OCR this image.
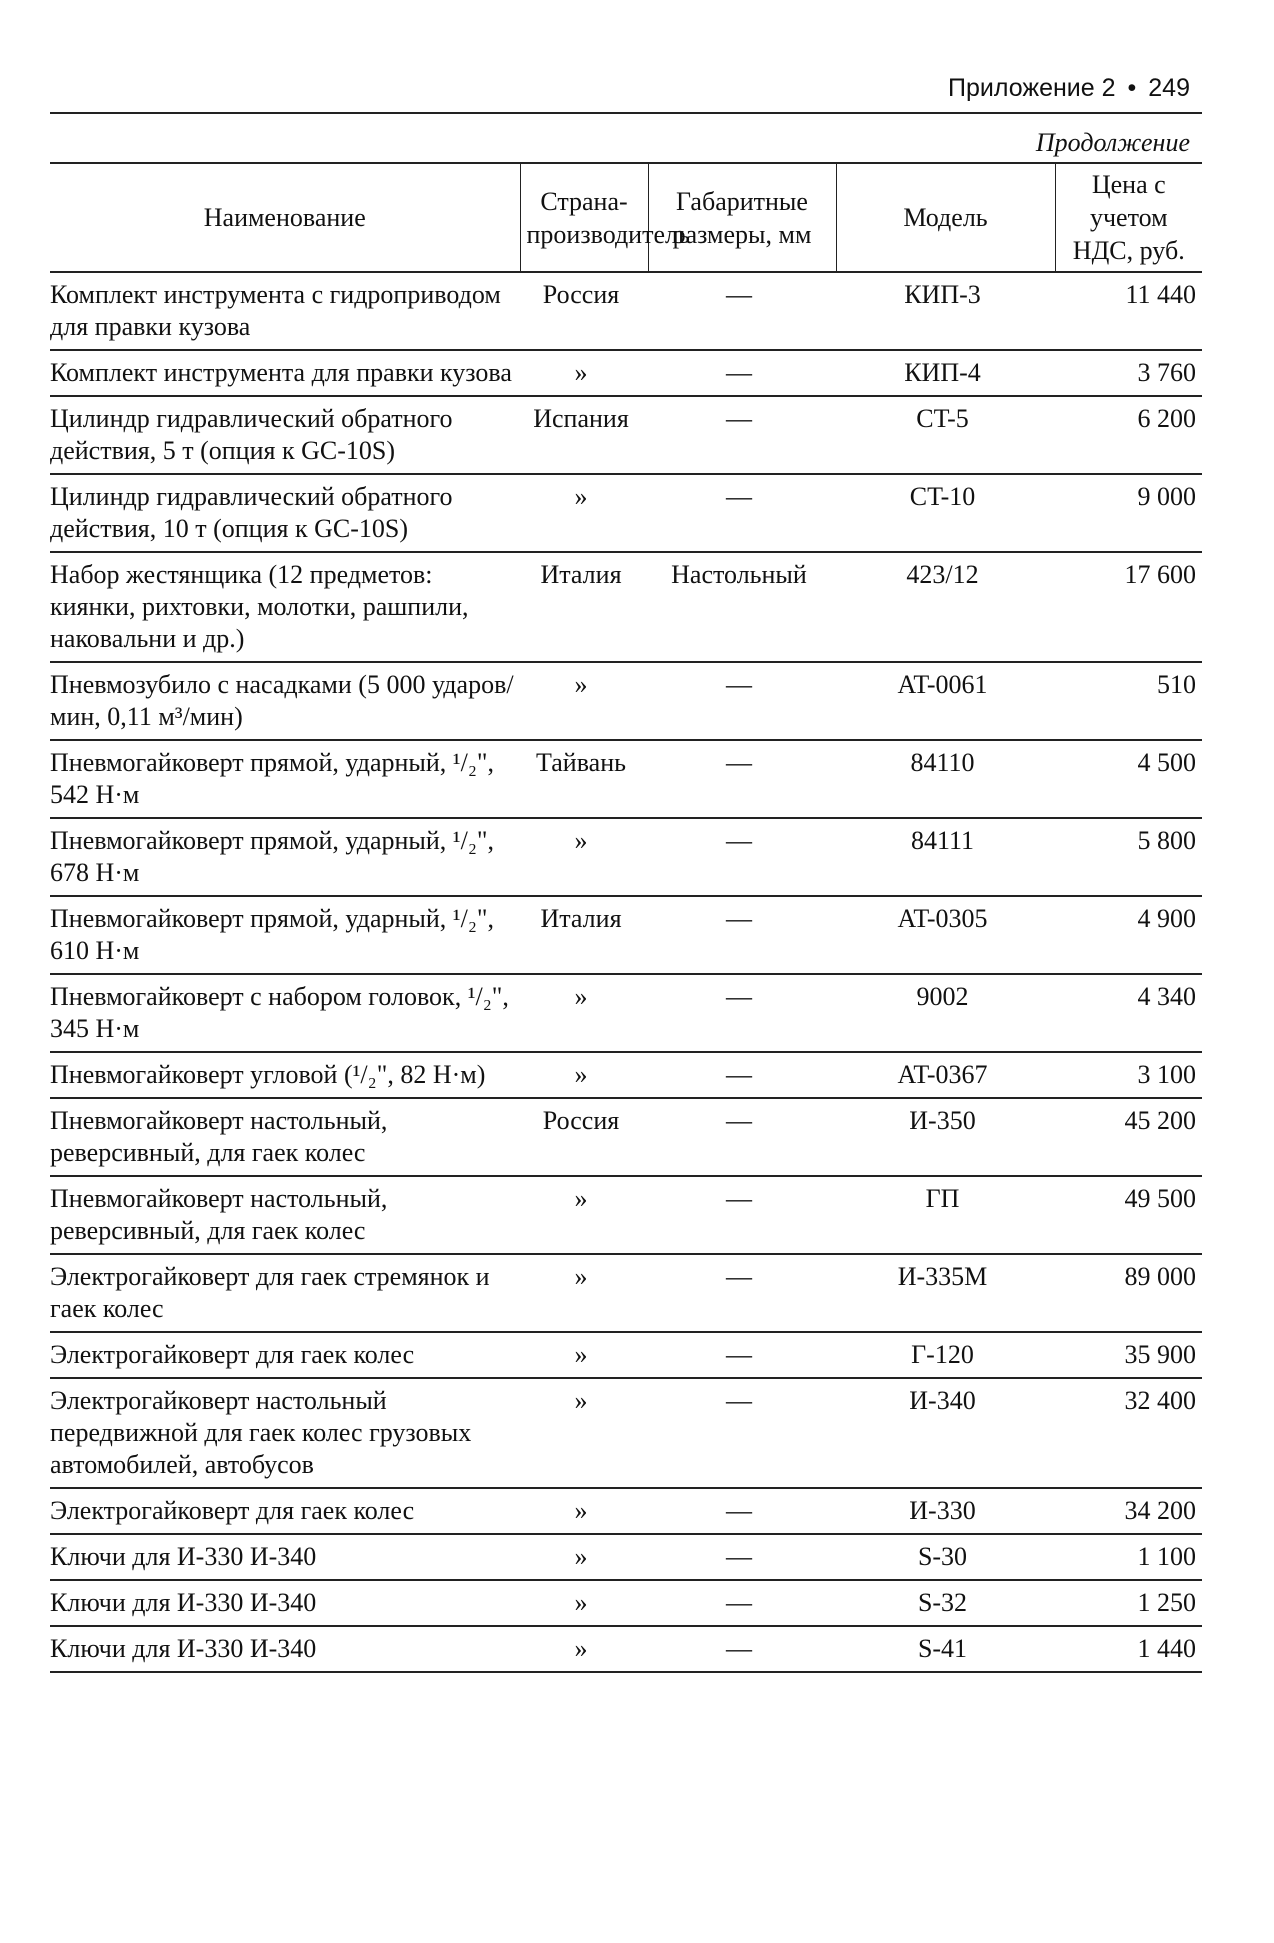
Приложение 2 • 249
Продолжение
Наименование	Страна-производитель	Габаритные размеры, мм	Модель	Цена с учетом НДС, руб.
Комплект инструмента с гидроприводом для правки кузова	Россия	—	КИП-3	11 440
Комплект инструмента для правки кузова	»	—	КИП-4	3 760
Цилиндр гидравлический обратного действия, 5 т (опция к GC-10S)	Испания	—	CT-5	6 200
Цилиндр гидравлический обратного действия, 10 т (опция к GC-10S)	»	—	CT-10	9 000
Набор жестянщика (12 предметов: киянки, рихтовки, молотки, рашпили, наковальни и др.)	Италия	Настольный	423/12	17 600
Пневмозубило с насадками (5 000 ударов/мин, 0,11 м³/мин)	»	—	AT-0061	510
Пневмогайковерт прямой, ударный, ¹/₂", 542 Н·м	Тайвань	—	84110	4 500
Пневмогайковерт прямой, ударный, ¹/₂", 678 Н·м	»	—	84111	5 800
Пневмогайковерт прямой, ударный, ¹/₂", 610 Н·м	Италия	—	AT-0305	4 900
Пневмогайковерт с набором головок, ¹/₂", 345 Н·м	»	—	9002	4 340
Пневмогайковерт угловой (¹/₂", 82 Н·м)	»	—	AT-0367	3 100
Пневмогайковерт настольный, реверсивный, для гаек колес	Россия	—	И-350	45 200
Пневмогайковерт настольный, реверсивный, для гаек колес	»	—	ГП	49 500
Электрогайковерт для гаек стремянок и гаек колес	»	—	И-335М	89 000
Электрогайковерт для гаек колес	»	—	Г-120	35 900
Электрогайковерт настольный передвижной для гаек колес грузовых автомобилей, автобусов	»	—	И-340	32 400
Электрогайковерт для гаек колес	»	—	И-330	34 200
Ключи для И-330 И-340	»	—	S-30	1 100
Ключи для И-330 И-340	»	—	S-32	1 250
Ключи для И-330 И-340	»	—	S-41	1 440
